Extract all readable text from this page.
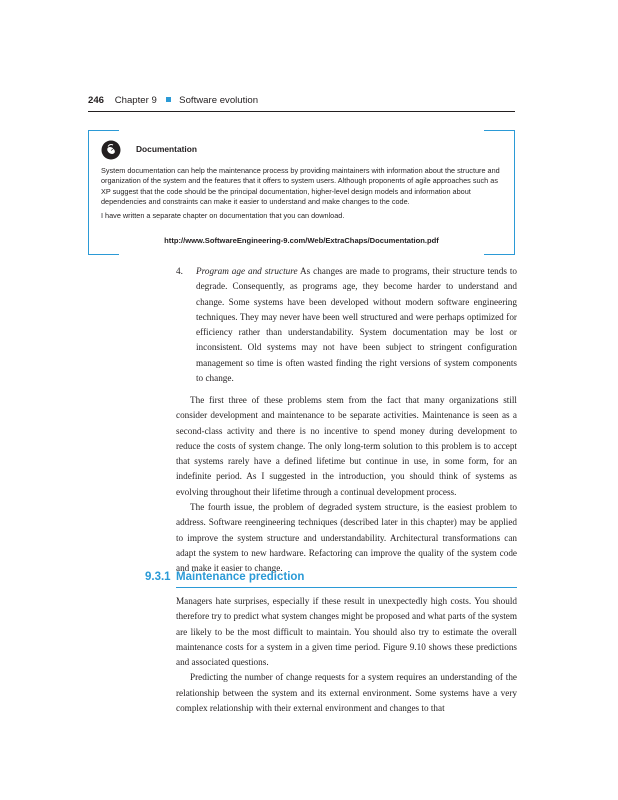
246 Chapter 9 Software evolution
Documentation

System documentation can help the maintenance process by providing maintainers with information about the structure and organization of the system and the features that it offers to system users. Although proponents of agile approaches such as XP suggest that the code should be the principal documentation, higher-level design models and information about dependencies and constraints can make it easier to understand and make changes to the code.

I have written a separate chapter on documentation that you can download.

http://www.SoftwareEngineering-9.com/Web/ExtraChaps/Documentation.pdf
4. Program age and structure As changes are made to programs, their structure tends to degrade. Consequently, as programs age, they become harder to understand and change. Some systems have been developed without modern software engineering techniques. They may never have been well structured and were perhaps optimized for efficiency rather than understandability. System documentation may be lost or inconsistent. Old systems may not have been subject to stringent configuration management so time is often wasted finding the right versions of system components to change.

The first three of these problems stem from the fact that many organizations still consider development and maintenance to be separate activities. Maintenance is seen as a second-class activity and there is no incentive to spend money during development to reduce the costs of system change. The only long-term solution to this problem is to accept that systems rarely have a defined lifetime but continue in use, in some form, for an indefinite period. As I suggested in the introduction, you should think of systems as evolving throughout their lifetime through a continual development process.

The fourth issue, the problem of degraded system structure, is the easiest problem to address. Software reengineering techniques (described later in this chapter) may be applied to improve the system structure and understandability. Architectural transformations can adapt the system to new hardware. Refactoring can improve the quality of the system code and make it easier to change.

9.3.1 Maintenance prediction

Managers hate surprises, especially if these result in unexpectedly high costs. You should therefore try to predict what system changes might be proposed and what parts of the system are likely to be the most difficult to maintain. You should also try to estimate the overall maintenance costs for a system in a given time period. Figure 9.10 shows these predictions and associated questions.

Predicting the number of change requests for a system requires an understanding of the relationship between the system and its external environment. Some systems have a very complex relationship with their external environment and changes to that
